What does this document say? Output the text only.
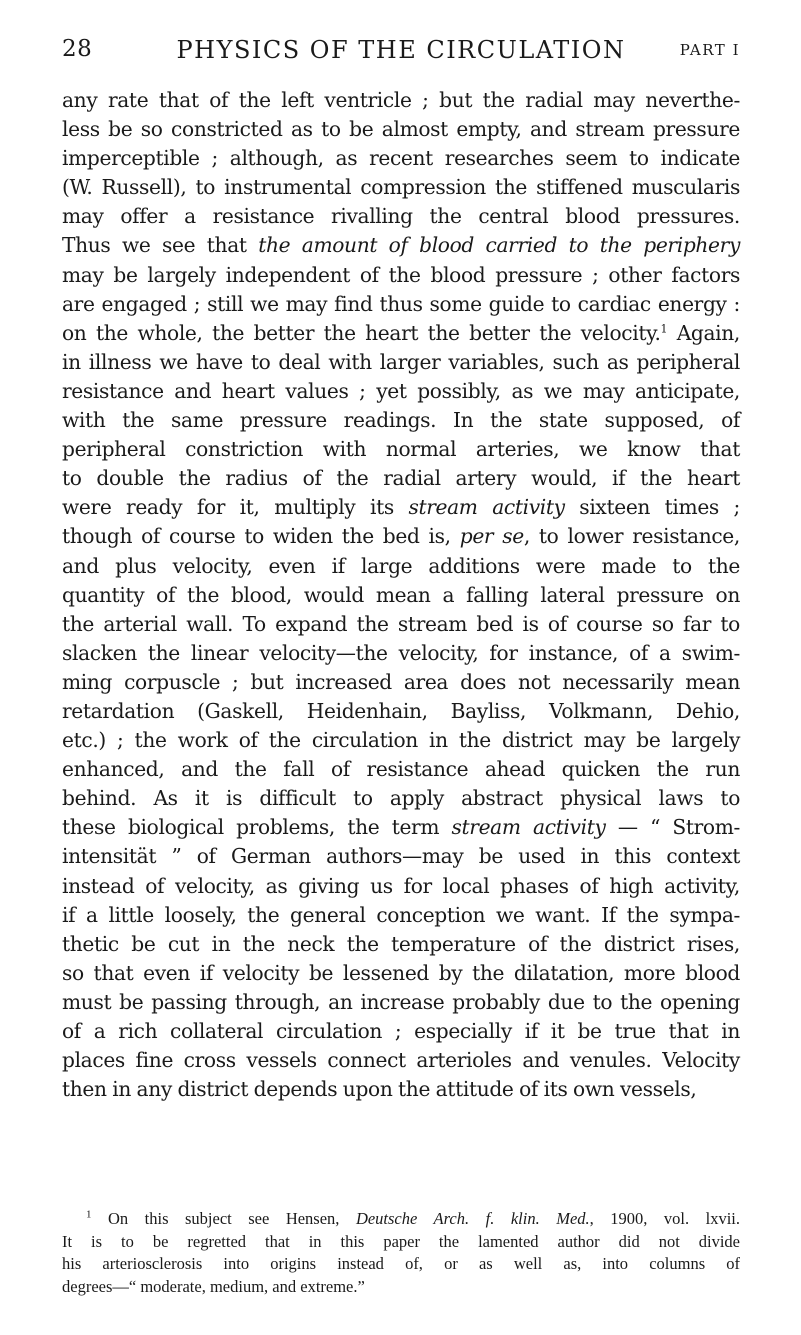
28	PHYSICS OF THE CIRCULATION	PART I
any rate that of the left ventricle ; but the radial may neverthe-
less be so constricted as to be almost empty, and stream pressure
imperceptible ; although, as recent researches seem to indicate
(W. Russell), to instrumental compression the stiffened muscularis
may offer a resistance rivalling the central blood pressures.
Thus we see that the amount of blood carried to the periphery
may be largely independent of the blood pressure ; other factors
are engaged ; still we may find thus some guide to cardiac energy :
on the whole, the better the heart the better the velocity.$^1$ Again,
in illness we have to deal with larger variables, such as peripheral
resistance and heart values ; yet possibly, as we may anticipate,
with the same pressure readings. In the state supposed, of
peripheral constriction with normal arteries, we know that
to double the radius of the radial artery would, if the heart
were ready for it, multiply its stream activity sixteen times ;
though of course to widen the bed is, per se, to lower resistance,
and plus velocity, even if large additions were made to the
quantity of the blood, would mean a falling lateral pressure on
the arterial wall. To expand the stream bed is of course so far to
slacken the linear velocity—the velocity, for instance, of a swim-
ming corpuscle ; but increased area does not necessarily mean
retardation (Gaskell, Heidenhain, Bayliss, Volkmann, Dehio,
etc.) ; the work of the circulation in the district may be largely
enhanced, and the fall of resistance ahead quicken the run
behind. As it is difficult to apply abstract physical laws to
these biological problems, the term stream activity — “ Strom-
intensität ” of German authors—may be used in this context
instead of velocity, as giving us for local phases of high activity,
if a little loosely, the general conception we want. If the sympa-
thetic be cut in the neck the temperature of the district rises,
so that even if velocity be lessened by the dilatation, more blood
must be passing through, an increase probably due to the opening
of a rich collateral circulation ; especially if it be true that in
places fine cross vessels connect arterioles and venules. Velocity
then in any district depends upon the attitude of its own vessels,
$^1$ On this subject see Hensen, Deutsche Arch. f. klin. Med., 1900, vol. lxvii.
It is to be regretted that in this paper the lamented author did not divide
his arteriosclerosis into origins instead of, or as well as, into columns of
degrees—“ moderate, medium, and extreme.”
